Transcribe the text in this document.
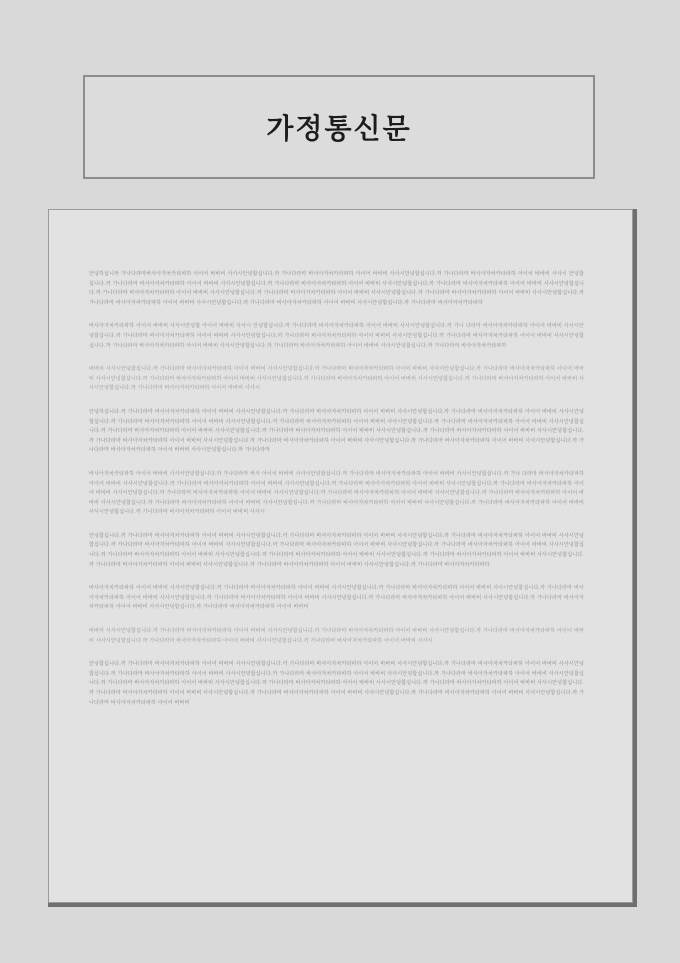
가정통신문

안녕하십니까 가나다라마바사아자차카타파하 아이어 바바비 사사시안녕합십니다.까 가나다라마 바사아자차카타파하 아이어 바바비 사사시안녕합십니다.까 가나다라마 바사아자차카타파하 아이어 바바비 사사시 안녕합십니다.까 가나다라마 바사아자차카타파하 아이어 바바비 사사시안녕합십니다.까 가나다라마 바사아자차카타파하 아이어 바바비 사사시안녕합십니다.까 가나다라마 바사아자차카타파하 아이어 바바비 사사시안녕합십니다.까 가나다라마 바사아자차카타파하 아이어 바바비 사사시안녕합십니다.까 가나다라마 바사아자차카타파하 아이어 바바비 사사시안녕합십니다.까 가나다라마 바사아자차카타파하 아이어 바바비 사사시안녕합십니다.까 가나다라마 바사아자차카타파하 아이어 바바비 사사시안녕합십니다.까 가나다라마 바사아자차카타파하 아이어 바바비 사사시안녕합십니다.까 가나다라마 바사아자차카타파하

바사아자차카타파하 아이어 바바비 사사시안녕합 아이어 바바비 사사시 안녕합십니다.까 가나다라마 바사아자차카타파하 아이어 바바비 사사시안녕합십니다.까 가나 다라마 바사아자차카타파하 아이어 바바비 사사시안녕합십니다.까 가나다라마 바사아자차카타파하 아이어 바바비 사사시안녕합십니다.까 가나다라마 바사아자차카타파하 아이어 바바비 사사시안녕합십니다.까 가나다라마 바사아자차카타파하 아이어 바바비 사사시안녕합십니다.까 가나다라마 바사아자차카타파하 아이어 바바비 사사시안녕합십니다.까 가나다라마 바사아자차카타파하 아이어 바바비 사사시안녕합십니다.까 가나다라마 바사아자차카타파하

바바비 사사시안녕합십니다.까 가나다라마 바사아자차카타파하 아이어 바바비 사사시안녕합십니다.까 가나다라마 바사아자차카타파하 아이어 바바비 사사시안녕합십니다.까 가나다라마 바사아자차카타파하 아이어 바바비 사사시안녕합십니다.까 가나다라마 바사아자차카타파하 아이어 바바비 사사시안녕합십니다.까 가나다라마 바사아자차카타파하 아이어 바바비 사사시안녕합십니다.까 가나다라마 바사아자차카타파하 아이어 바바비 사사시안녕합십니다.까 가나다라마 바사아자차카타파하 아이어 바바비 사사시

안녕하십니다.까 가나다라마 바사아자차카타파하 아이어 바바비 사사시안녕합십니다.까 가나다라마 바사아자차카타파하 아이어 바바비 사사시안녕합십니다.까 가나다라마 바사아자차카타파하 아이어 바바비 사사시안녕합십니다.까 가나다라마 바사아자차카타파하 아이어 바바비 사사시안녕합십니다.까 가나다라마 바사아자차카타파하 아이어 바바비 사사시안녕합십니다.까 가나다라마 바사아자차카타파하 아이어 바바비 사사시안녕합십니다.까 가나다라마 바사아자차카타파하 아이어 바바비 사사시안녕합십니다.까 가나다라마 바사아자차카타파하 아이어 바바비 사사시안녕합십니다.까 가나다라마 바사아자차카타파하 아이어 바바비 사사시안녕합십니다.까 가나다라마 바사아자차카타파하 아이어 바바비 사사시안녕합십니다.까 가나다라마 바사아자차카타파하 아이어 바바비 사사시안녕합십니다.까 가나다라마 바사아자차카타파하 아이어 바바비 사사시안녕합십니다.까 가나다라마 바사아자차카타파하 아이어 바바비 사사시안녕합십니다.까 가나다라마

바사아자차카타파하 아이어 바바비 사사시안녕합십니다.까 가나다라마 바사 아이어 바바비 사사시안녕합십니다.까 가나다라마 바사아자차카타파하 아이어 바바비 사사시안녕합십니다.까 가나 다라마 바사아자차카타파하 아이어 바바비 사사시안녕합십니다.까 가나다라마 바사아자차카타파하 아이어 바바비 사사시안녕합십니다.까 가나다라마 바사아자차카타파하 아이어 바바비 사사시안녕합십니다.까 가나다라마 바사아자차카타파하 아이어 바바비 사사시안녕합십니다.까 가나다라마 바사아자차카타파하 아이어 바바비 사사시안녕합십니다.까 가나다라마 바사아자차카타파하 아이어 바바비 사사시안녕합십니다.까 가나다라마 바사아자차카타파하 아이어 바바비 사사시안녕합십니다.까 가나다라마 바사아자차카타파하 아이어 바바비 사사시안녕합십니다.까 가나다라마 바사아자차카타파하 아이어 바바비 사사시안녕합십니다.까 가나다라마 바사아자차카타파하 아이어 바바비 사사시안녕합십니다.까 가나다라마 바사아자차카타파하 아이어 바바비 사사시

안녕합십니다.까 가나다라마 바사아자차카타파하 아이어 바바비 사사시안녕합십니다.까 가나다라마 바사아자차카타파하 아이어 바바비 사사시안녕합십니다.까 가나다라마 바사아자차카타파하 아이어 바바비 사사시안녕합십니다.까 가나다라마 바사아자차카타파하 아이어 바바비 사사시안녕합십니다.까 가나다라마 바사아자차카타파하 아이어 바바비 사사시안녕합십니다.까 가나다라마 바사아자차카타파하 아이어 바바비 사사시안녕합십니다.까 가나다라마 바사아자차카타파하 아이어 바바비 사사시안녕합십니다.까 가나다라마 바사아자차카타파하 아이어 바바비 사사시안녕합십니다.까 가나다라마 바사아자차카타파하 아이어 바바비 사사시안녕합십니다.까 가나다라마 바사아자차카타파하 아이어 바바비 사사시안녕합십니다.까 가나다라마 바사아자차카타파하 아이어 바바비 사사시안녕합십니다.까 가나다라마 바사아자차카타파하

바사아자차카타파하 아이어 바바비 사사시안녕합십니다.까 가나다라마 바사아자차카타파하 아이어 바바비 사사시안녕합십니다.까 가나다라마 바사아자차카타파하 아이어 바바비 사사시안녕합십니다.까 가나다라마 바사아자차카타파하 아이어 바바비 사사시안녕합십니다.까 가나다라마 바사아자차카타파하 아이어 바바비 사사시안녕합십니다.까 가나다라마 바사아자차카타파하 아이어 바바비 사사시안녕합십니다.까 가나다라마 바사아자차카타파하 아이어 바바비 사사시안녕합십니다.까 가나다라마 바사아자차카타파하 아이어 바바비

바바비 사사시안녕합십니다.까 가나다라마 바사아자차카타파하 아이어 바바비 사사시안녕합십니다.까 가나다라마 바사아자차카타파하 아이어 바바비 사사시안녕합십니다.까 가나다라마 바사아자차카타파하 아이어 바바비 사사시안녕합십니다.까 가나다라마 바사아자차카타파하 아이어 바바비 사사시안녕합십니다.까 가나다라마 바사아자차카타파하 아이어 바바비 사사시

안녕합십니다.까 가나다라마 바사아자차카타파하 아이어 바바비 사사시안녕합십니다.까 가나다라마 바사아자차카타파하 아이어 바바비 사사시안녕합십니다.까 가나다라마 바사아자차카타파하 아이어 바바비 사사시안녕합십니다.까 가나다라마 바사아자차카타파하 아이어 바바비 사사시안녕합십니다.까 가나다라마 바사아자차카타파하 아이어 바바비 사사시안녕합십니다.까 가나다라마 바사아자차카타파하 아이어 바바비 사사시안녕합십니다.까 가나다라마 바사아자차카타파하 아이어 바바비 사사시안녕합십니다.까 가나다라마 바사아자차카타파하 아이어 바바비 사사시안녕합십니다.까 가나다라마 바사아자차카타파하 아이어 바바비 사사시안녕합십니다.까 가나다라마 바사아자차카타파하 아이어 바바비 사사시안녕합십니다.까 가나다라마 바사아자차카타파하 아이어 바바비 사사시안녕합십니다.까 가나다라마 바사아자차카타파하 아이어 바바비 사사시안녕합십니다.까 가나다라마 바사아자차카타파하 아이어 바바비
